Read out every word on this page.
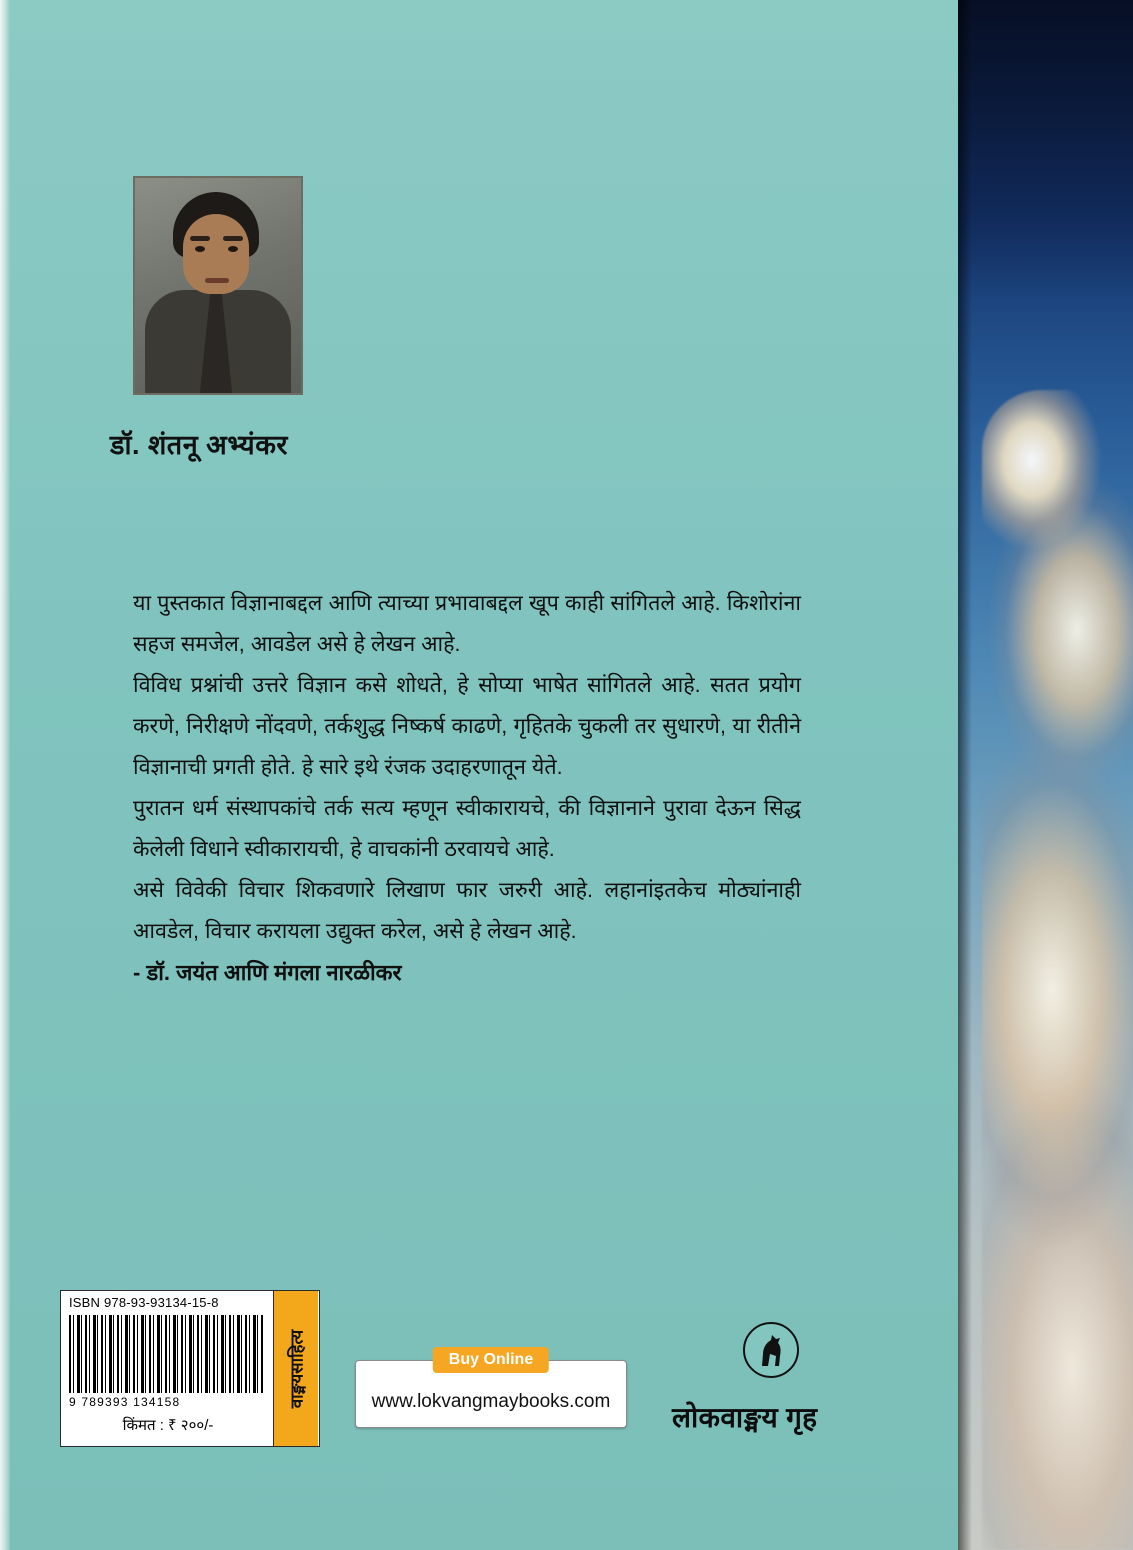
डॉ. शंतनू अभ्यंकर

या पुस्तकात विज्ञानाबद्दल आणि त्याच्या प्रभावाबद्दल खूप काही सांगितले आहे. किशोरांना सहज समजेल, आवडेल असे हे लेखन आहे.

विविध प्रश्नांची उत्तरे विज्ञान कसे शोधते, हे सोप्या भाषेत सांगितले आहे. सतत प्रयोग करणे, निरीक्षणे नोंदवणे, तर्कशुद्ध निष्कर्ष काढणे, गृहितके चुकली तर सुधारणे, या रीतीने विज्ञानाची प्रगती होते. हे सारे इथे रंजक उदाहरणातून येते.

पुरातन धर्म संस्थापकांचे तर्क सत्य म्हणून स्वीकारायचे, की विज्ञानाने पुरावा देऊन सिद्ध केलेली विधाने स्वीकारायची, हे वाचकांनी ठरवायचे आहे.

असे विवेकी विचार शिकवणारे लिखाण फार जरुरी आहे. लहानांइतकेच मोठ्यांनाही आवडेल, विचार करायला उद्युक्त करेल, असे हे लेखन आहे.

- डॉ. जयंत आणि मंगला नारळीकर

ISBN 978-93-93134-15-8
9 789393 134158
किंमत : ₹ २००/-
वाङ्मयसाहित्य	Buy Online
www.lokvangmaybooks.com
लोकवाङ्मय गृह
